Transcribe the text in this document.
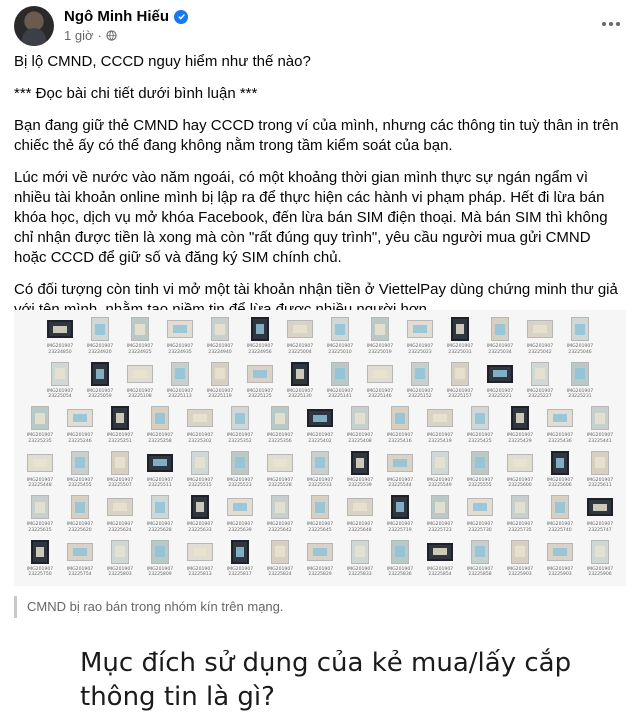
Ngô Minh Hiếu
1 giờ ·

Bị lộ CMND, CCCD nguy hiểm như thế nào?

*** Đọc bài chi tiết dưới bình luận ***

Bạn đang giữ thẻ CMND hay CCCD trong ví của mình, nhưng các thông tin tuỳ thân in trên chiếc thẻ ấy có thể đang không nằm trong tầm kiểm soát của bạn.

Lúc mới về nước vào năm ngoái, có một khoảng thời gian mình thực sự ngán ngẩm vì nhiều tài khoản online mình bị lập ra để thực hiện các hành vi phạm pháp. Hết đi lừa bán khóa học, dịch vụ mở khóa Facebook, đến lừa bán SIM điện thoại. Mà bán SIM thì không chỉ nhận được tiền là xong mà còn "rất đúng quy trình", yêu cầu người mua gửi CMND hoặc CCCD để giữ số và đăng ký SIM chính chủ.

Có đối tượng còn tinh vi mở một tài khoản nhận tiền ở ViettelPay dùng chứng minh thư giả

IMG201907
23224850
IMG201907
23224920
IMG201907
23224925
IMG201907
23224935
IMG201907
23224940
IMG201907
23224956
IMG201907
23225004
IMG201907
23225010
IMG201907
23225019
IMG201907
23225023
IMG201907
23225031
IMG201907
23225034
IMG201907
23225042
IMG201907
23225046
IMG201907
23225054
IMG201907
23225059
IMG201907
23225108
IMG201907
23225113
IMG201907
23225119
IMG201907
23225125
IMG201907
23225130
IMG201907
23225141
IMG201907
23225146
IMG201907
23225152
IMG201907
23225157
IMG201907
23225221
IMG201907
23225227
IMG201907
23225231
IMG201907
23225235
IMG201907
23225246
IMG201907
23225251
IMG201907
23225258
IMG201907
23225302
IMG201907
23225352
IMG201907
23225356
IMG201907
23225402
IMG201907
23225408
IMG201907
23225416
IMG201907
23225419
IMG201907
23225425
IMG201907
23225429
IMG201907
23225436
IMG201907
23225441
IMG201907
23225448
IMG201907
23225455
IMG201907
23225507
IMG201907
23225511
IMG201907
23225515
IMG201907
23225523
IMG201907
23225528
IMG201907
23225533
IMG201907
23225539
IMG201907
23225544
IMG201907
23225549
IMG201907
23225555
IMG201907
23225600
IMG201907
23225606
IMG201907
23225611
IMG201907
23225615
IMG201907
23225620
IMG201907
23225624
IMG201907
23225628
IMG201907
23225633
IMG201907
23225639
IMG201907
23225642
IMG201907
23225645
IMG201907
23225648
IMG201907
23225719
IMG201907
23225723
IMG201907
23225730
IMG201907
23225735
IMG201907
23225740
IMG201907
23225747
IMG201907
23225750
IMG201907
23225754
IMG201907
23225803
IMG201907
23225809
IMG201907
23225813
IMG201907
23225817
IMG201907
23225824
IMG201907
23225829
IMG201907
23225833
IMG201907
23225836
IMG201907
23225854
IMG201907
23225858
IMG201907
23225903
IMG201907
23225903
IMG201907
23225906
CMND bị rao bán trong nhóm kín trên mạng.
Mục đích sử dụng của kẻ mua/lấy cắp thông tin là gì?
